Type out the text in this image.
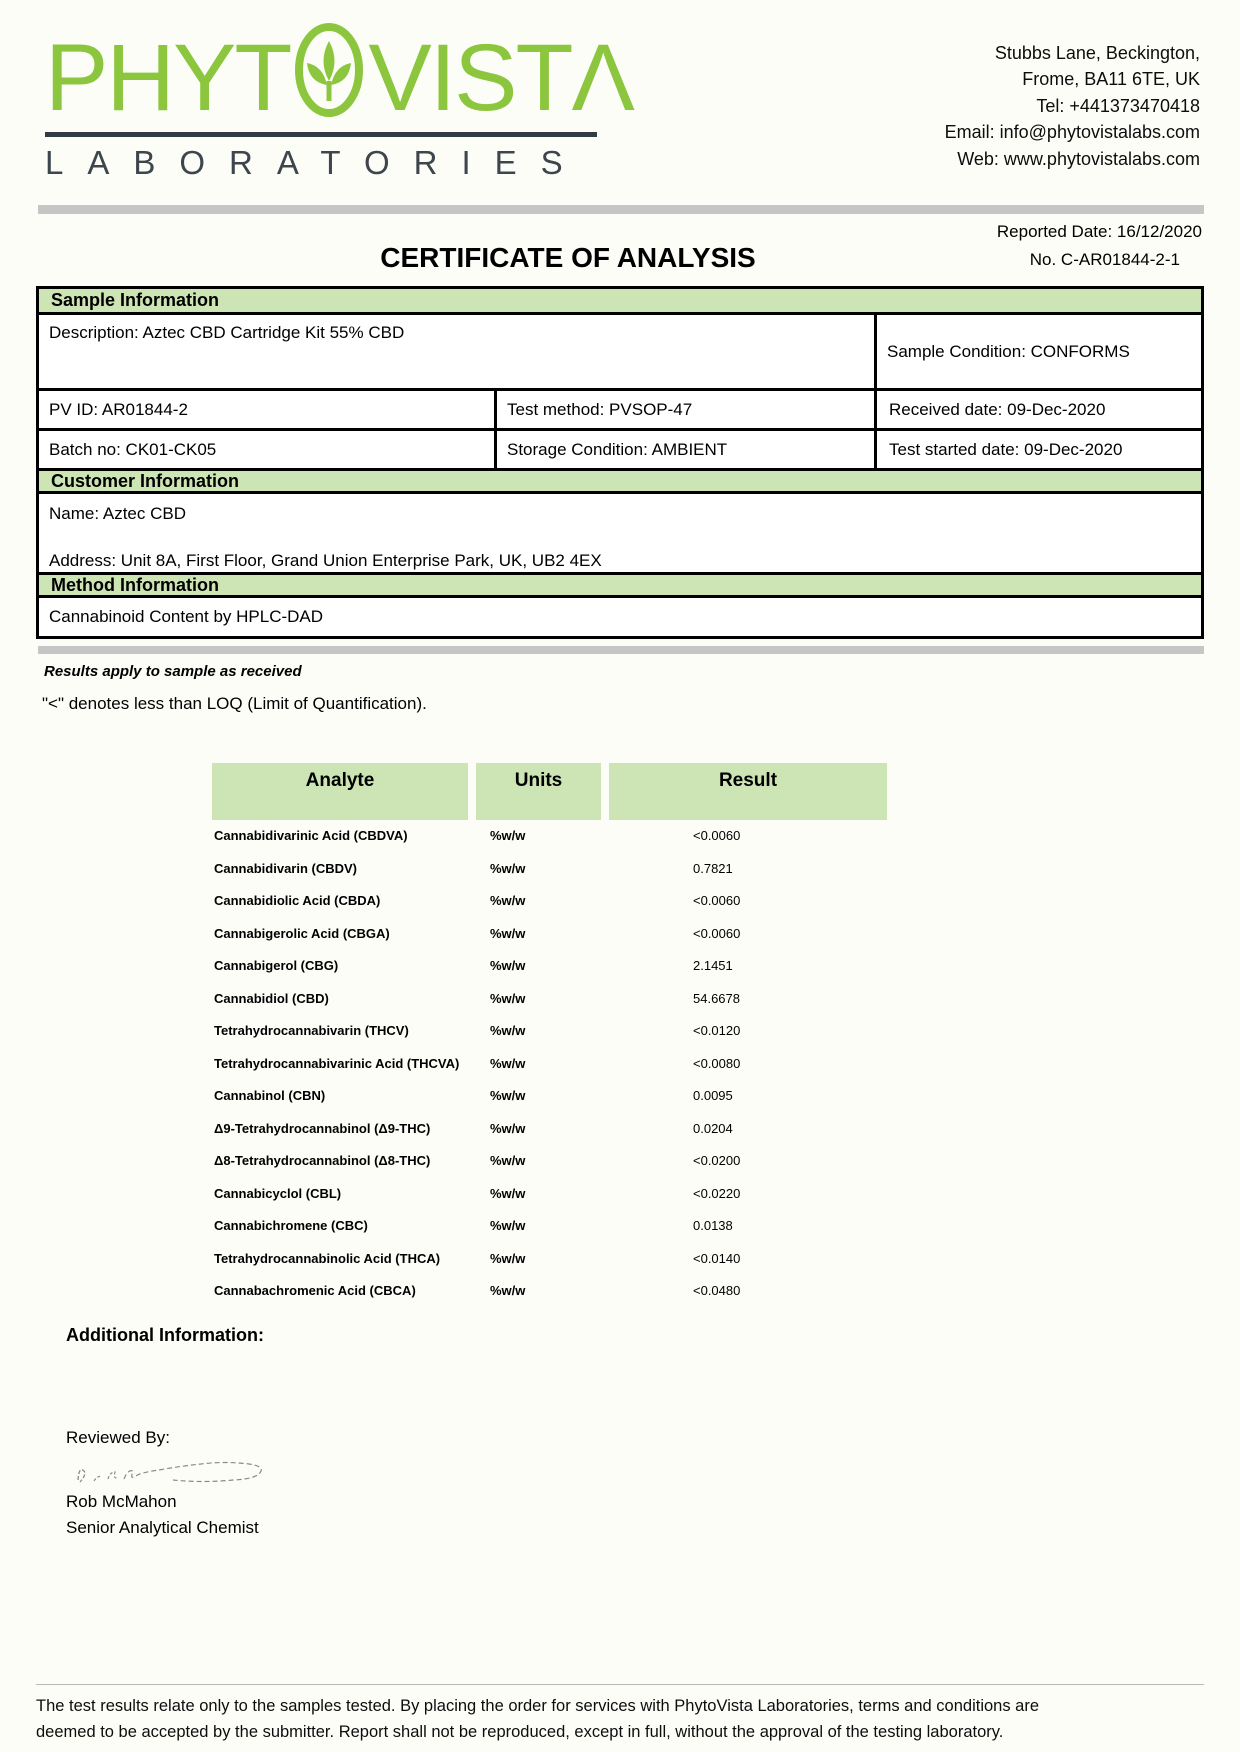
PHYT VIST Λ
LABORATORIES
Stubbs Lane, Beckington,
Frome, BA11 6TE, UK
Tel: +441373470418
Email: info@phytovistalabs.com
Web: www.phytovistalabs.com
Reported Date: 16/12/2020
CERTIFICATE OF ANALYSIS	No. C-AR01844-2-1
Sample Information
Description: Aztec CBD Cartridge Kit 55% CBD
Sample Condition: CONFORMS
PV ID: AR01844-2	Test method: PVSOP-47	Received date: 09-Dec-2020
Batch no: CK01-CK05	Storage Condition: AMBIENT	Test started date: 09-Dec-2020
Customer Information
Name: Aztec CBD
Address: Unit 8A, First Floor, Grand Union Enterprise Park, UK, UB2 4EX
Method Information
Cannabinoid Content by HPLC-DAD
Results apply to sample as received
"<" denotes less than LOQ (Limit of Quantification).
Analyte	Units	Result
Cannabidivarinic Acid (CBDVA)	%w/w	<0.0060
Cannabidivarin (CBDV)	%w/w	0.7821
Cannabidiolic Acid (CBDA)	%w/w	<0.0060
Cannabigerolic Acid (CBGA)	%w/w	<0.0060
Cannabigerol (CBG)	%w/w	2.1451
Cannabidiol (CBD)	%w/w	54.6678
Tetrahydrocannabivarin (THCV)	%w/w	<0.0120
Tetrahydrocannabivarinic Acid (THCVA)	%w/w	<0.0080
Cannabinol (CBN)	%w/w	0.0095
Δ9-Tetrahydrocannabinol (Δ9-THC)	%w/w	0.0204
Δ8-Tetrahydrocannabinol (Δ8-THC)	%w/w	<0.0200
Cannabicyclol (CBL)	%w/w	<0.0220
Cannabichromene (CBC)	%w/w	0.0138
Tetrahydrocannabinolic Acid (THCA)	%w/w	<0.0140
Cannabachromenic Acid (CBCA)	%w/w	<0.0480
Additional Information:
Reviewed By:
Rob McMahon
Senior Analytical Chemist
The test results relate only to the samples tested. By placing the order for services with PhytoVista Laboratories, terms and conditions are
deemed to be accepted by the submitter. Report shall not be reproduced, except in full, without the approval of the testing laboratory.
